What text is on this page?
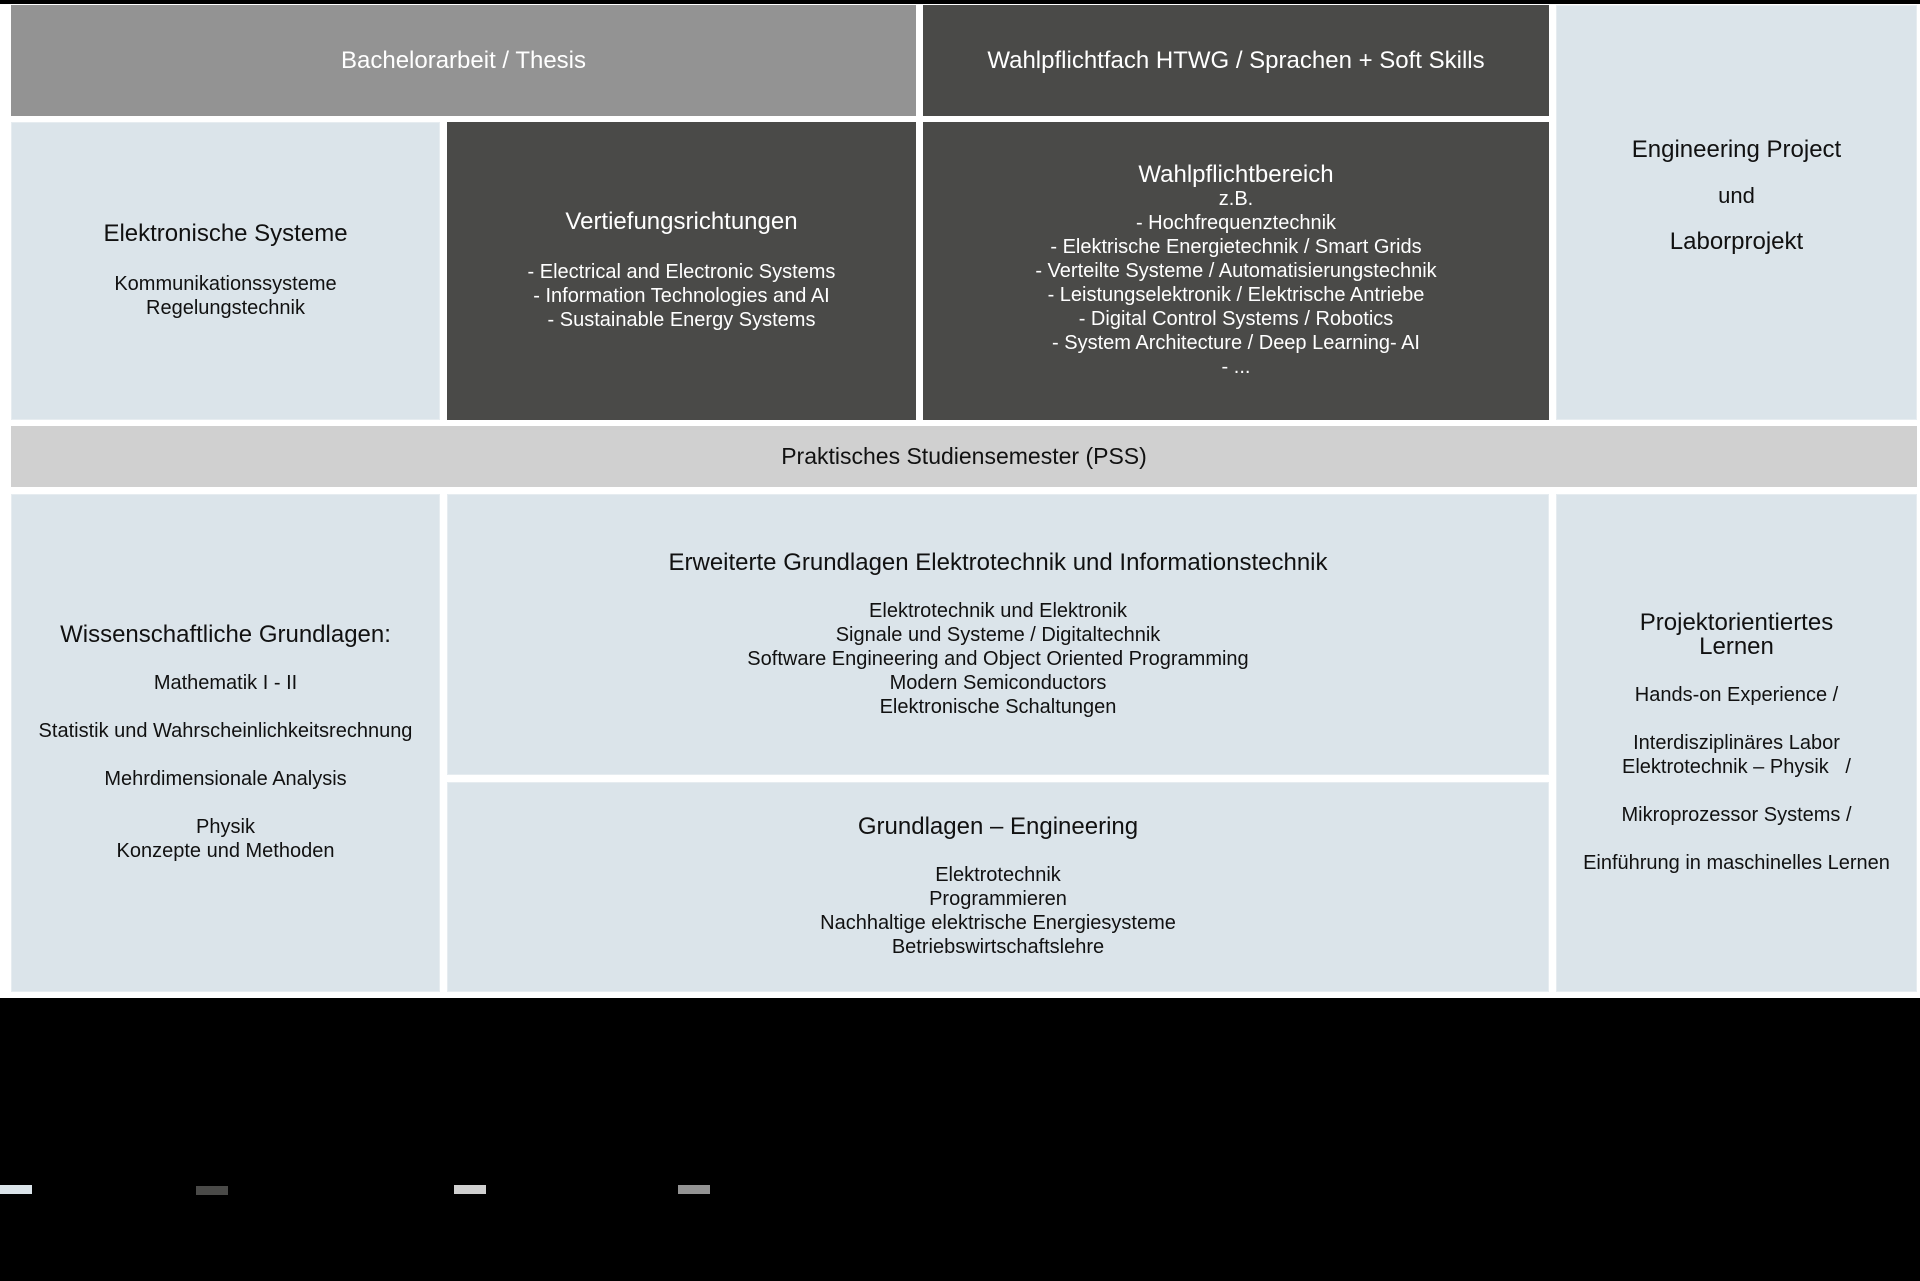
Bachelorarbeit / Thesis	Wahlpflichtfach HTWG / Sprachen + Soft Skills
Engineering Project
und
Laborprojekt
Elektronische Systeme
Kommunikationssysteme
Regelungstechnik
Vertiefungsrichtungen
- Electrical and Electronic Systems
- Information Technologies and AI
- Sustainable Energy Systems
Wahlpflichtbereich
z.B.
- Hochfrequenztechnik
- Elektrische Energietechnik / Smart Grids
- Verteilte Systeme / Automatisierungstechnik
- Leistungselektronik / Elektrische Antriebe
- Digital Control Systems / Robotics
- System Architecture / Deep Learning- AI
- ...
Praktisches Studiensemester (PSS)
Wissenschaftliche Grundlagen:
Mathematik I - II
Statistik und Wahrscheinlichkeitsrechnung
Mehrdimensionale Analysis
Physik
Konzepte und Methoden
Erweiterte Grundlagen Elektrotechnik und Informationstechnik
Elektrotechnik und Elektronik
Signale und Systeme / Digitaltechnik
Software Engineering and Object Oriented Programming
Modern Semiconductors
Elektronische Schaltungen
Grundlagen – Engineering
Elektrotechnik
Programmieren
Nachhaltige elektrische Energiesysteme
Betriebswirtschaftslehre
Projektorientiertes
Lernen
Hands-on Experience /
Interdisziplinäres Labor
Elektrotechnik – Physik   /
Mikroprozessor Systems /
Einführung in maschinelles Lernen
